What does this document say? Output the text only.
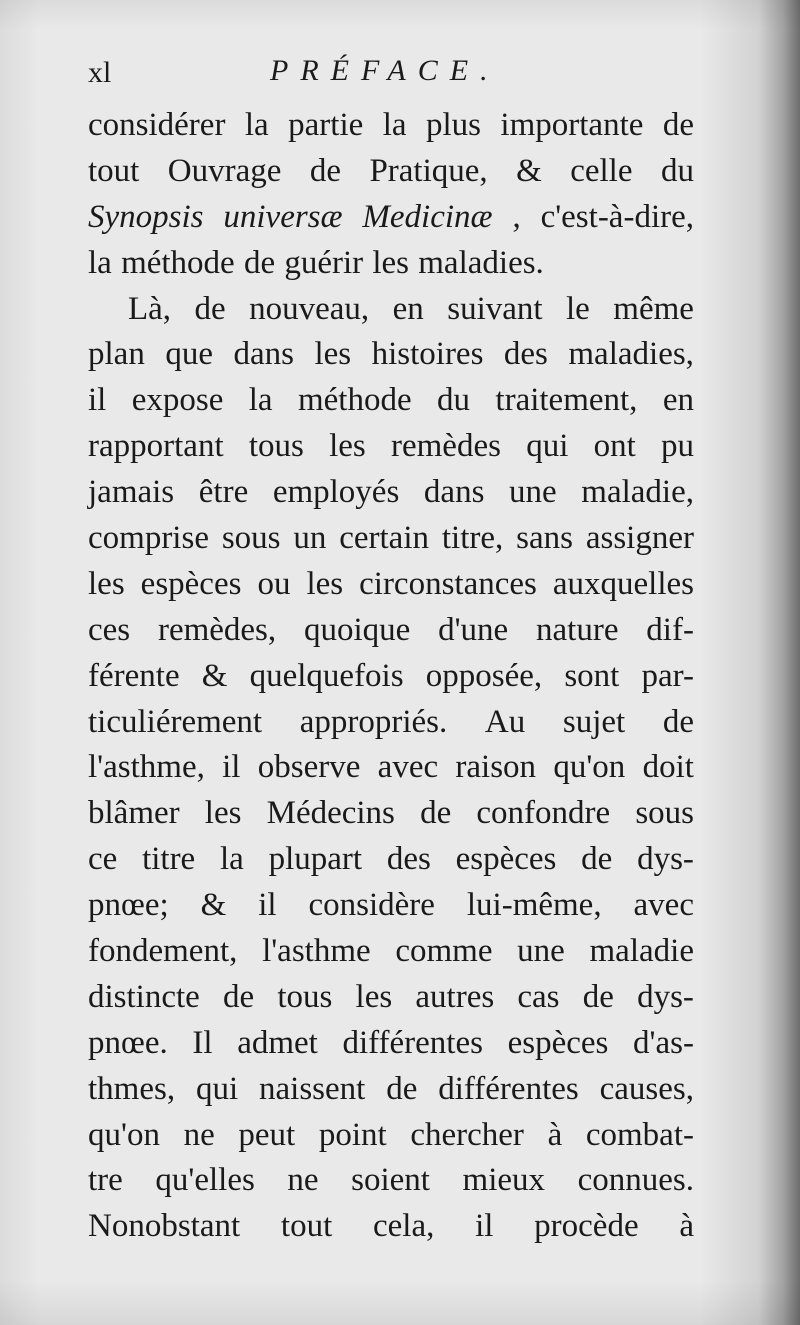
xl	PRÉFACE.
considérer la partie la plus importante de
tout Ouvrage de Pratique, & celle du
Synopsis universæ Medicinæ , c'est-à-dire,
la méthode de guérir les maladies.
Là, de nouveau, en suivant le même
plan que dans les histoires des maladies,
il expose la méthode du traitement, en
rapportant tous les remèdes qui ont pu
jamais être employés dans une maladie,
comprise sous un certain titre, sans assigner
les espèces ou les circonstances auxquelles
ces remèdes, quoique d'une nature dif-
férente & quelquefois opposée, sont par-
ticuliérement appropriés. Au sujet de
l'asthme, il observe avec raison qu'on doit
blâmer les Médecins de confondre sous
ce titre la plupart des espèces de dys-
pnœe; & il considère lui-même, avec
fondement, l'asthme comme une maladie
distincte de tous les autres cas de dys-
pnœe. Il admet différentes espèces d'as-
thmes, qui naissent de différentes causes,
qu'on ne peut point chercher à combat-
tre qu'elles ne soient mieux connues.
Nonobstant tout cela, il procède à
